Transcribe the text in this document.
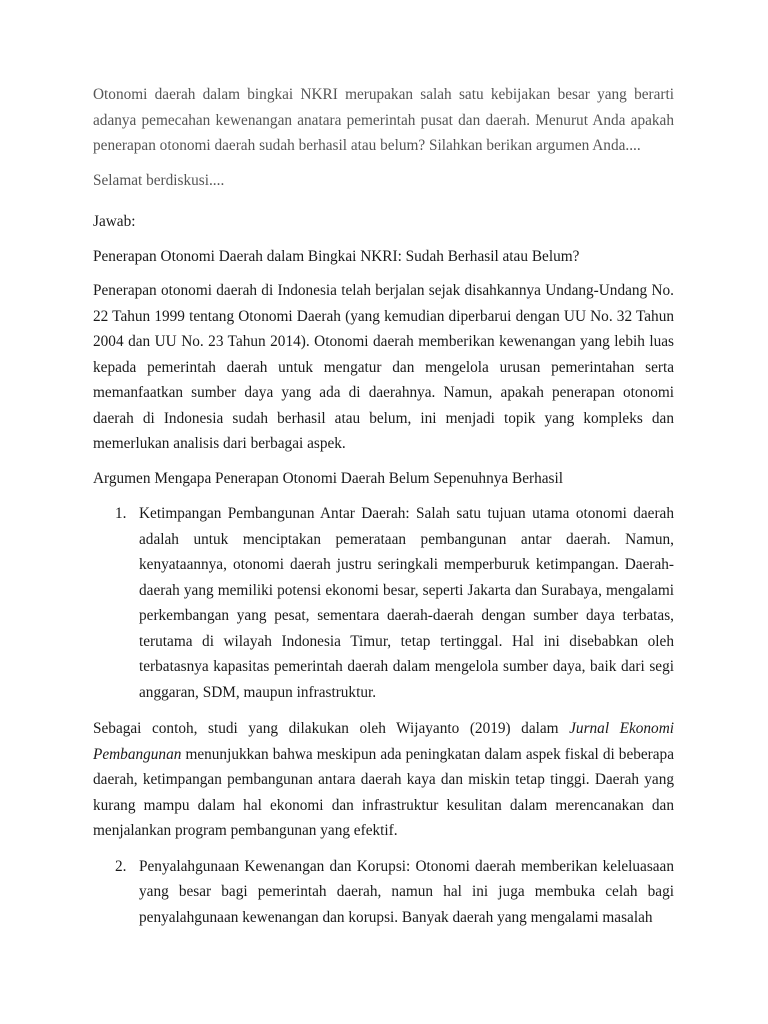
Otonomi daerah dalam bingkai NKRI merupakan salah satu kebijakan besar yang berarti adanya pemecahan kewenangan anatara pemerintah pusat dan daerah. Menurut Anda apakah penerapan otonomi daerah sudah berhasil atau belum? Silahkan berikan argumen Anda....

Selamat berdiskusi....

Jawab:

Penerapan Otonomi Daerah dalam Bingkai NKRI: Sudah Berhasil atau Belum?

Penerapan otonomi daerah di Indonesia telah berjalan sejak disahkannya Undang-Undang No. 22 Tahun 1999 tentang Otonomi Daerah (yang kemudian diperbarui dengan UU No. 32 Tahun 2004 dan UU No. 23 Tahun 2014). Otonomi daerah memberikan kewenangan yang lebih luas kepada pemerintah daerah untuk mengatur dan mengelola urusan pemerintahan serta memanfaatkan sumber daya yang ada di daerahnya. Namun, apakah penerapan otonomi daerah di Indonesia sudah berhasil atau belum, ini menjadi topik yang kompleks dan memerlukan analisis dari berbagai aspek.

Argumen Mengapa Penerapan Otonomi Daerah Belum Sepenuhnya Berhasil

1. Ketimpangan Pembangunan Antar Daerah: Salah satu tujuan utama otonomi daerah adalah untuk menciptakan pemerataan pembangunan antar daerah. Namun, kenyataannya, otonomi daerah justru seringkali memperburuk ketimpangan. Daerah-daerah yang memiliki potensi ekonomi besar, seperti Jakarta dan Surabaya, mengalami perkembangan yang pesat, sementara daerah-daerah dengan sumber daya terbatas, terutama di wilayah Indonesia Timur, tetap tertinggal. Hal ini disebabkan oleh terbatasnya kapasitas pemerintah daerah dalam mengelola sumber daya, baik dari segi anggaran, SDM, maupun infrastruktur.

Sebagai contoh, studi yang dilakukan oleh Wijayanto (2019) dalam Jurnal Ekonomi Pembangunan menunjukkan bahwa meskipun ada peningkatan dalam aspek fiskal di beberapa daerah, ketimpangan pembangunan antara daerah kaya dan miskin tetap tinggi. Daerah yang kurang mampu dalam hal ekonomi dan infrastruktur kesulitan dalam merencanakan dan menjalankan program pembangunan yang efektif.

2. Penyalahgunaan Kewenangan dan Korupsi: Otonomi daerah memberikan keleluasaan yang besar bagi pemerintah daerah, namun hal ini juga membuka celah bagi penyalahgunaan kewenangan dan korupsi. Banyak daerah yang mengalami masalah
